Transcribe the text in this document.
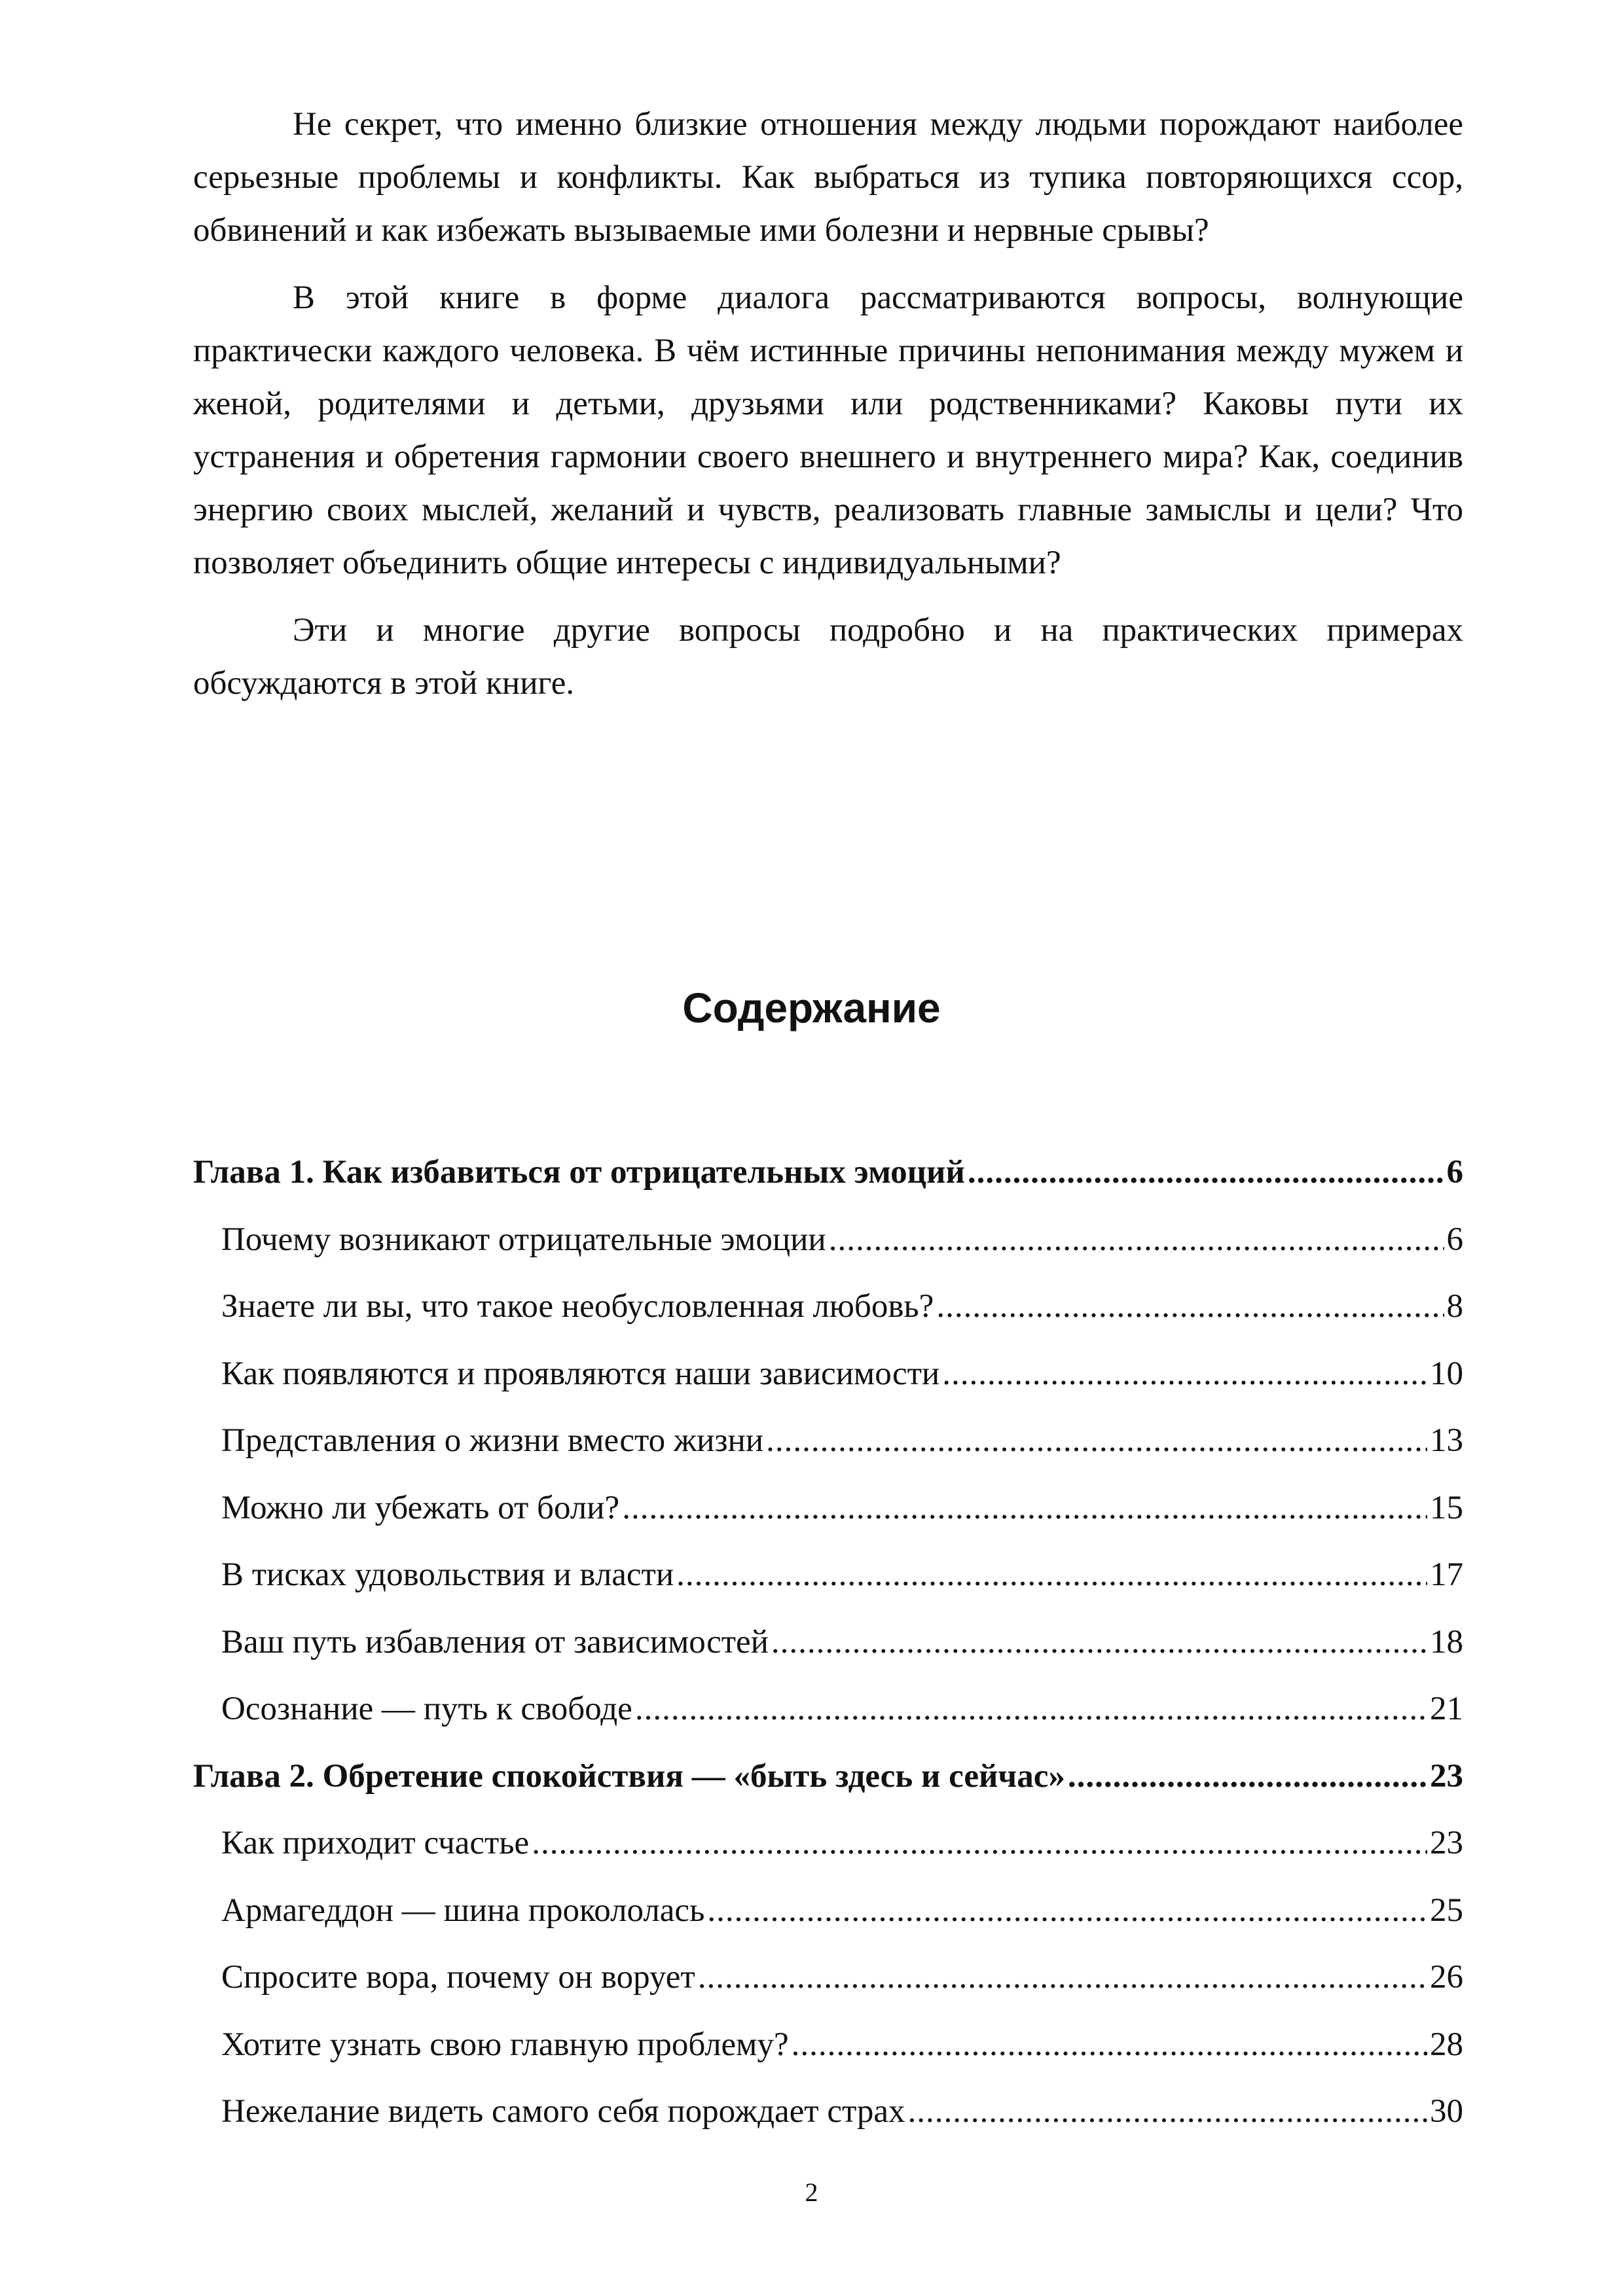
Не секрет, что именно близкие отношения между людьми порождают наиболее серьезные проблемы и конфликты. Как выбраться из тупика повторяющихся ссор, обвинений и как избежать вызываемые ими болезни и нервные срывы?

В этой книге в форме диалога рассматриваются вопросы, волнующие практически каждого человека. В чём истинные причины непонимания между мужем и женой, родителями и детьми, друзьями или родственниками? Каковы пути их устранения и обретения гармонии своего внешнего и внутреннего мира? Как, соединив энергию своих мыслей, желаний и чувств, реализовать главные замыслы и цели? Что позволяет объединить общие интересы с индивидуальными?

Эти и многие другие вопросы подробно и на практических примерах обсуждаются в этой книге.

Содержание
Глава 1. Как избавиться от отрицательных эмоций .....	6
Почему возникают отрицательные эмоции .....	6
Знаете ли вы, что такое необусловленная любовь? .....	8
Как появляются и проявляются наши зависимости .....	10
Представления о жизни вместо жизни .....	13
Можно ли убежать от боли? .....	15
В тисках удовольствия и власти .....	17
Ваш путь избавления от зависимостей .....	18
Осознание — путь к свободе .....	21
Глава 2. Обретение спокойствия — «быть здесь и сейчас» .....	23
Как приходит счастье .....	23
Армагеддон — шина прокололась .....	25
Спросите вора, почему он ворует .....	26
Хотите узнать свою главную проблему? .....	28
Нежелание видеть самого себя порождает страх .....	30

2
